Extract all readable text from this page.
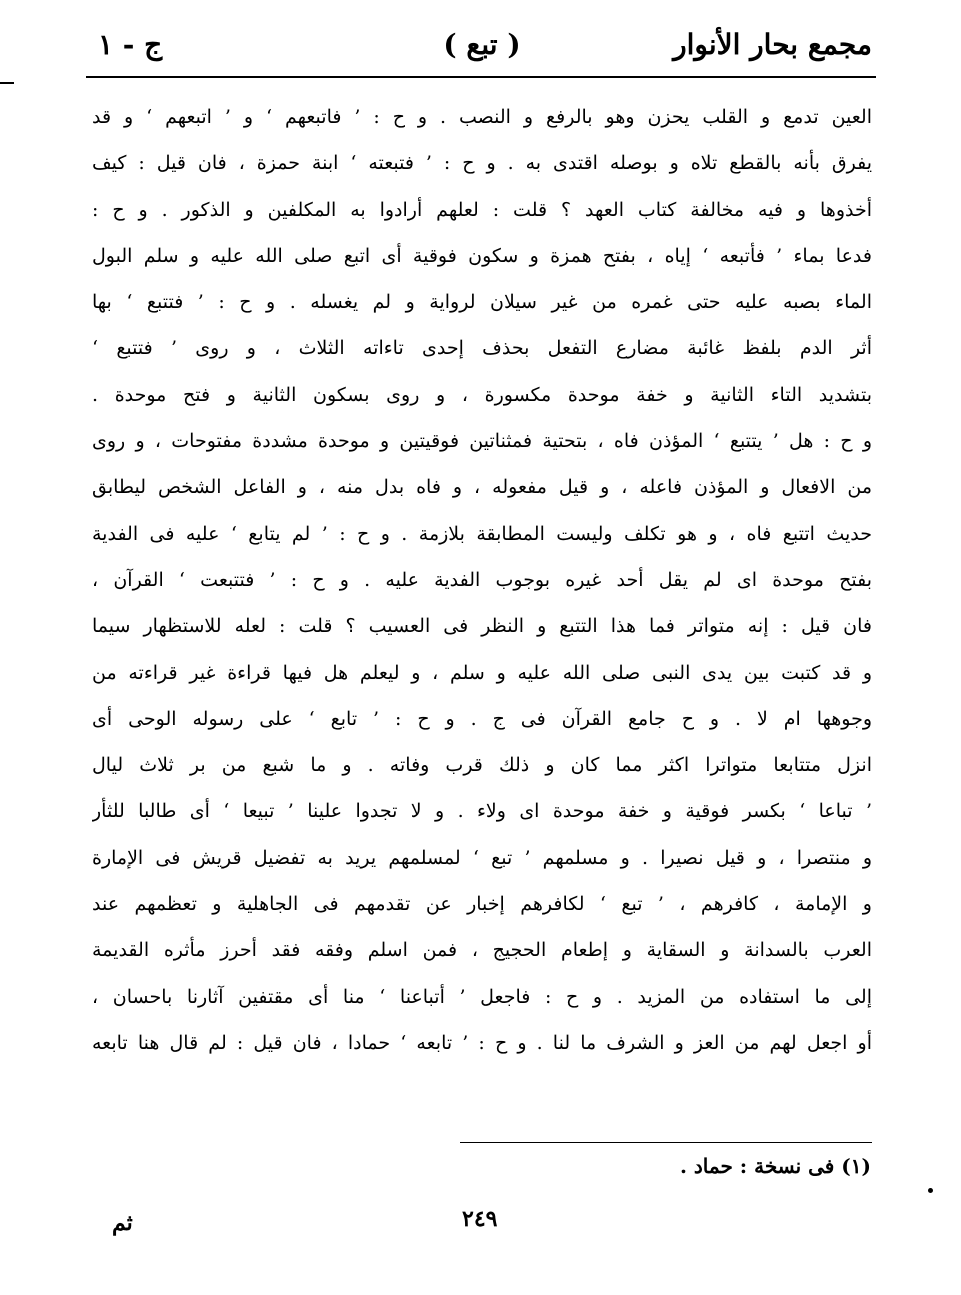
مجمع بحار الأنوار
( تبع )
ج - ١
العين تدمع و القلب يحزن وهو بالرفع و النصب . و ح : ’ فاتبعهم ‘ و ’ اتبعهم ‘ و قد
يفرق بأنه بالقطع تلاه و بوصله اقتدى به . و ح : ’ فتبعته ‘ ابنة حمزة ، فان قيل : كيف
أخذوها و فيه مخالفة كتاب العهد ؟ قلت : لعلهم أرادوا به المكلفين و الذكور . و ح :
فدعا بماء ’ فأتبعه ‘ إياه ، بفتح همزة و سكون فوقية أى اتبع صلى الله عليه و سلم البول
الماء بصبه عليه حتى غمره من غير سيلان لرواية و لم يغسله . و ح : ’ فتتبع ‘ بها
أثر الدم بلفظ غائبة مضارع التفعل بحذف إحدى تاءاته الثلاث ، و روى ’ فتتبع ‘
بتشديد التاء الثانية و خفة موحدة مكسورة ، و روى بسكون الثانية و فتح موحدة .
و ح : هل ’ يتتبع ‘ المؤذن فاه ، بتحتية فمثناتين فوقيتين و موحدة مشددة مفتوحات ، و روى
من الافعال و المؤذن فاعله ، و قيل مفعوله ، و فاه بدل منه ، و الفاعل الشخص ليطابق
حديث اتتبع فاه ، و هو تكلف وليست المطابقة بلازمة . و ح : ’ لم يتابع ‘ عليه فى الفدية
بفتح موحدة اى لم يقل أحد غيره بوجوب الفدية عليه . و ح : ’ فتتبعت ‘ القرآن ،
فان قيل : إنه متواتر فما هذا التتبع و النظر فى العسيب ؟ قلت : لعله للاستظهار سيما
و قد كتبت بين يدى النبى صلى الله عليه و سلم ، و ليعلم هل فيها قراءة غير قراءته من
وجوهها ام لا . و ح جامع القرآن فى ج . و ح : ’ تابع ‘ على رسوله الوحى أى
انزل متتابعا متواترا اكثر مما كان و ذلك قرب وفاته . و ما شبع من بر ثلاث ليال
’ تباعا ‘ بكسر فوقية و خفة موحدة اى ولاء . و لا تجدوا علينا ’ تبيعا ‘ أى طالبا للثأر
و منتصرا ، و قيل نصيرا . و مسلمهم ’ تبع ‘ لمسلمهم يريد به تفضيل قريش فى الإمارة
و الإمامة ، كافرهم ، ’ تبع ‘ لكافرهم إخبار عن تقدمهم فى الجاهلية و تعظمهم عند
العرب بالسدانة و السقاية و إطعام الحجيج ، فمن اسلم وفقه فقد أحرز مأثره القديمة
إلى ما استفاده من المزيد . و ح : فاجعل ’ أتباعنا ‘ منا أى مقتفين آثارنا باحسان ،
أو اجعل لهم من العز و الشرف ما لنا . و ح : ’ تابعه ‘ حمادا ، فان قيل : لم قال هنا تابعه
(١) فى نسخة : حماد .
٢٤٩
ثم
